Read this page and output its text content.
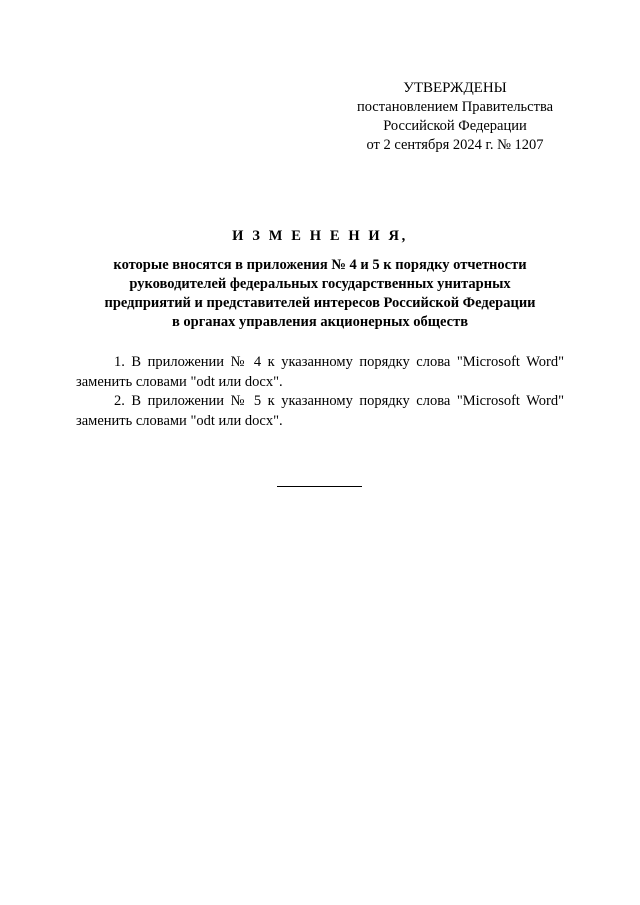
УТВЕРЖДЕНЫ
постановлением Правительства
Российской Федерации
от 2 сентября 2024 г. № 1207
И З М Е Н Е Н И Я,
которые вносятся в приложения № 4 и 5 к порядку отчетности
руководителей федеральных государственных унитарных
предприятий и представителей интересов Российской Федерации
в органах управления акционерных обществ

1. В приложении № 4 к указанному порядку слова "Microsoft Word" заменить словами "odt или docx".

2. В приложении № 5 к указанному порядку слова "Microsoft Word" заменить словами "odt или docx".
